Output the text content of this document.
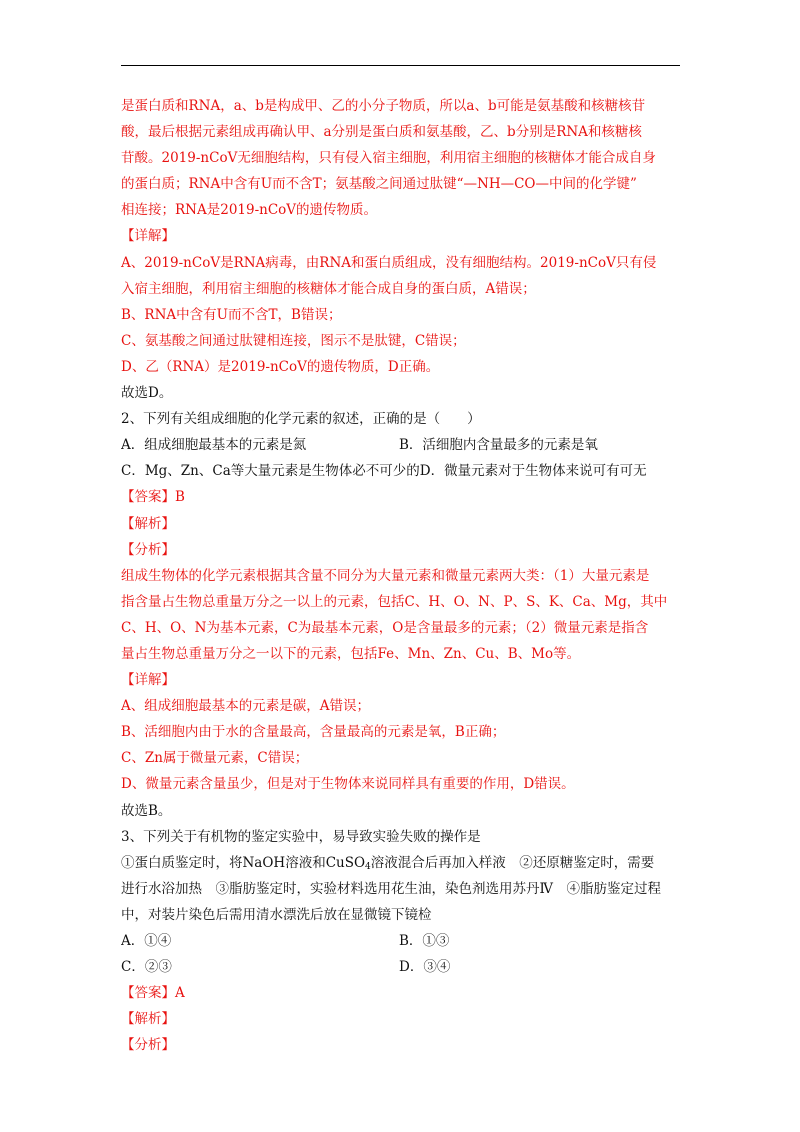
是蛋白质和RNA，a、b是构成甲、乙的小分子物质，所以a、b可能是氨基酸和核糖核苷
酸，最后根据元素组成再确认甲、a分别是蛋白质和氨基酸，乙、b分别是RNA和核糖核
苷酸。2019-nCoV无细胞结构，只有侵入宿主细胞，利用宿主细胞的核糖体才能合成自身
的蛋白质；RNA中含有U而不含T；氨基酸之间通过肽键“—NH—CO—中间的化学键”
相连接；RNA是2019-nCoV的遗传物质。
【详解】
A、2019-nCoV是RNA病毒，由RNA和蛋白质组成，没有细胞结构。2019-nCoV只有侵
入宿主细胞，利用宿主细胞的核糖体才能合成自身的蛋白质，A错误；
B、RNA中含有U而不含T，B错误；
C、氨基酸之间通过肽键相连接，图示不是肽键，C错误；
D、乙（RNA）是2019-nCoV的遗传物质，D正确。
故选D。
2、下列有关组成细胞的化学元素的叙述，正确的是（　　）
A．组成细胞最基本的元素是氮	B．活细胞内含量最多的元素是氧
C．Mg、Zn、Ca等大量元素是生物体必不可少的 D．微量元素对于生物体来说可有可无
【答案】B
【解析】
【分析】
组成生物体的化学元素根据其含量不同分为大量元素和微量元素两大类：（1）大量元素是
指含量占生物总重量万分之一以上的元素，包括C、H、O、N、P、S、K、Ca、Mg，其中
C、H、O、N为基本元素，C为最基本元素，O是含量最多的元素；（2）微量元素是指含
量占生物总重量万分之一以下的元素，包括Fe、Mn、Zn、Cu、B、Mo等。
【详解】
A、组成细胞最基本的元素是碳，A错误；
B、活细胞内由于水的含量最高，含量最高的元素是氧，B正确；
C、Zn属于微量元素，C错误；
D、微量元素含量虽少，但是对于生物体来说同样具有重要的作用，D错误。
故选B。
3、下列关于有机物的鉴定实验中，易导致实验失败的操作是
①蛋白质鉴定时，将NaOH溶液和CuSO$_4$溶液混合后再加入样液　②还原糖鉴定时，需要
进行水浴加热　③脂肪鉴定时，实验材料选用花生油，染色剂选用苏丹Ⅳ　④脂肪鉴定过程
中，对装片染色后需用清水漂洗后放在显微镜下镜检
A．①④	B．①③
C．②③	D．③④
【答案】A
【解析】
【分析】
